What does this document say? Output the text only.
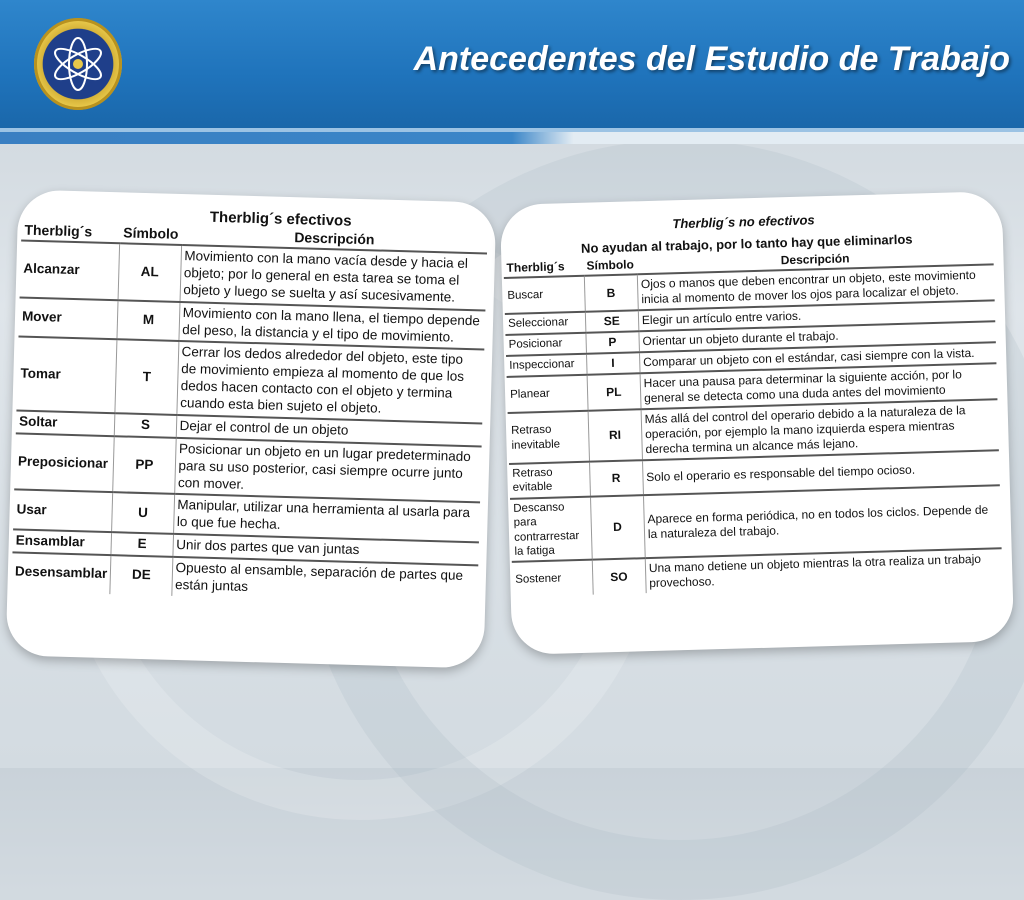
Antecedentes del Estudio de Trabajo
Therblig´s efectivos
Therblig´s	Símbolo	Descripción
Alcanzar	AL	Movimiento con la mano vacía desde y hacia el objeto; por lo general en esta tarea se toma el objeto y luego se suelta y así sucesivamente.
Mover	M	Movimiento con la mano llena, el tiempo depende del peso, la distancia y el tipo de movimiento.
Tomar	T	Cerrar los dedos alrededor del objeto, este tipo de movimiento empieza al momento de que los dedos hacen contacto con el objeto y termina cuando esta bien sujeto el objeto.
Soltar	S	Dejar el control de un objeto
Preposicionar	PP	Posicionar un objeto en un lugar predeterminado para su uso posterior, casi siempre ocurre junto con mover.
Usar	U	Manipular, utilizar una herramienta al usarla para lo que fue hecha.
Ensamblar	E	Unir dos partes que van juntas
Desensamblar	DE	Opuesto al ensamble, separación de partes que están juntas
Therblig´s no efectivos
No ayudan al trabajo, por lo tanto hay que eliminarlos
Therblig´s	Símbolo	Descripción
Buscar	B	Ojos o manos que deben encontrar un objeto, este movimiento inicia al momento de mover los ojos para localizar el objeto.
Seleccionar	SE	Elegir un artículo entre varios.
Posicionar	P	Orientar un objeto durante el trabajo.
Inspeccionar	I	Comparar un objeto con el estándar, casi siempre con la vista.
Planear	PL	Hacer una pausa para determinar la siguiente acción, por lo general se detecta como una duda antes del movimiento
Retraso inevitable	RI	Más allá del control del operario debido a la naturaleza de la operación, por ejemplo la mano izquierda espera mientras derecha termina un alcance más lejano.
Retraso evitable	R	Solo el operario es responsable del tiempo ocioso.
Descanso para contrarrestar la fatiga	D	Aparece en forma periódica, no en todos los ciclos. Depende de la naturaleza del trabajo.
Sostener	SO	Una mano detiene un objeto mientras la otra realiza un trabajo provechoso.
